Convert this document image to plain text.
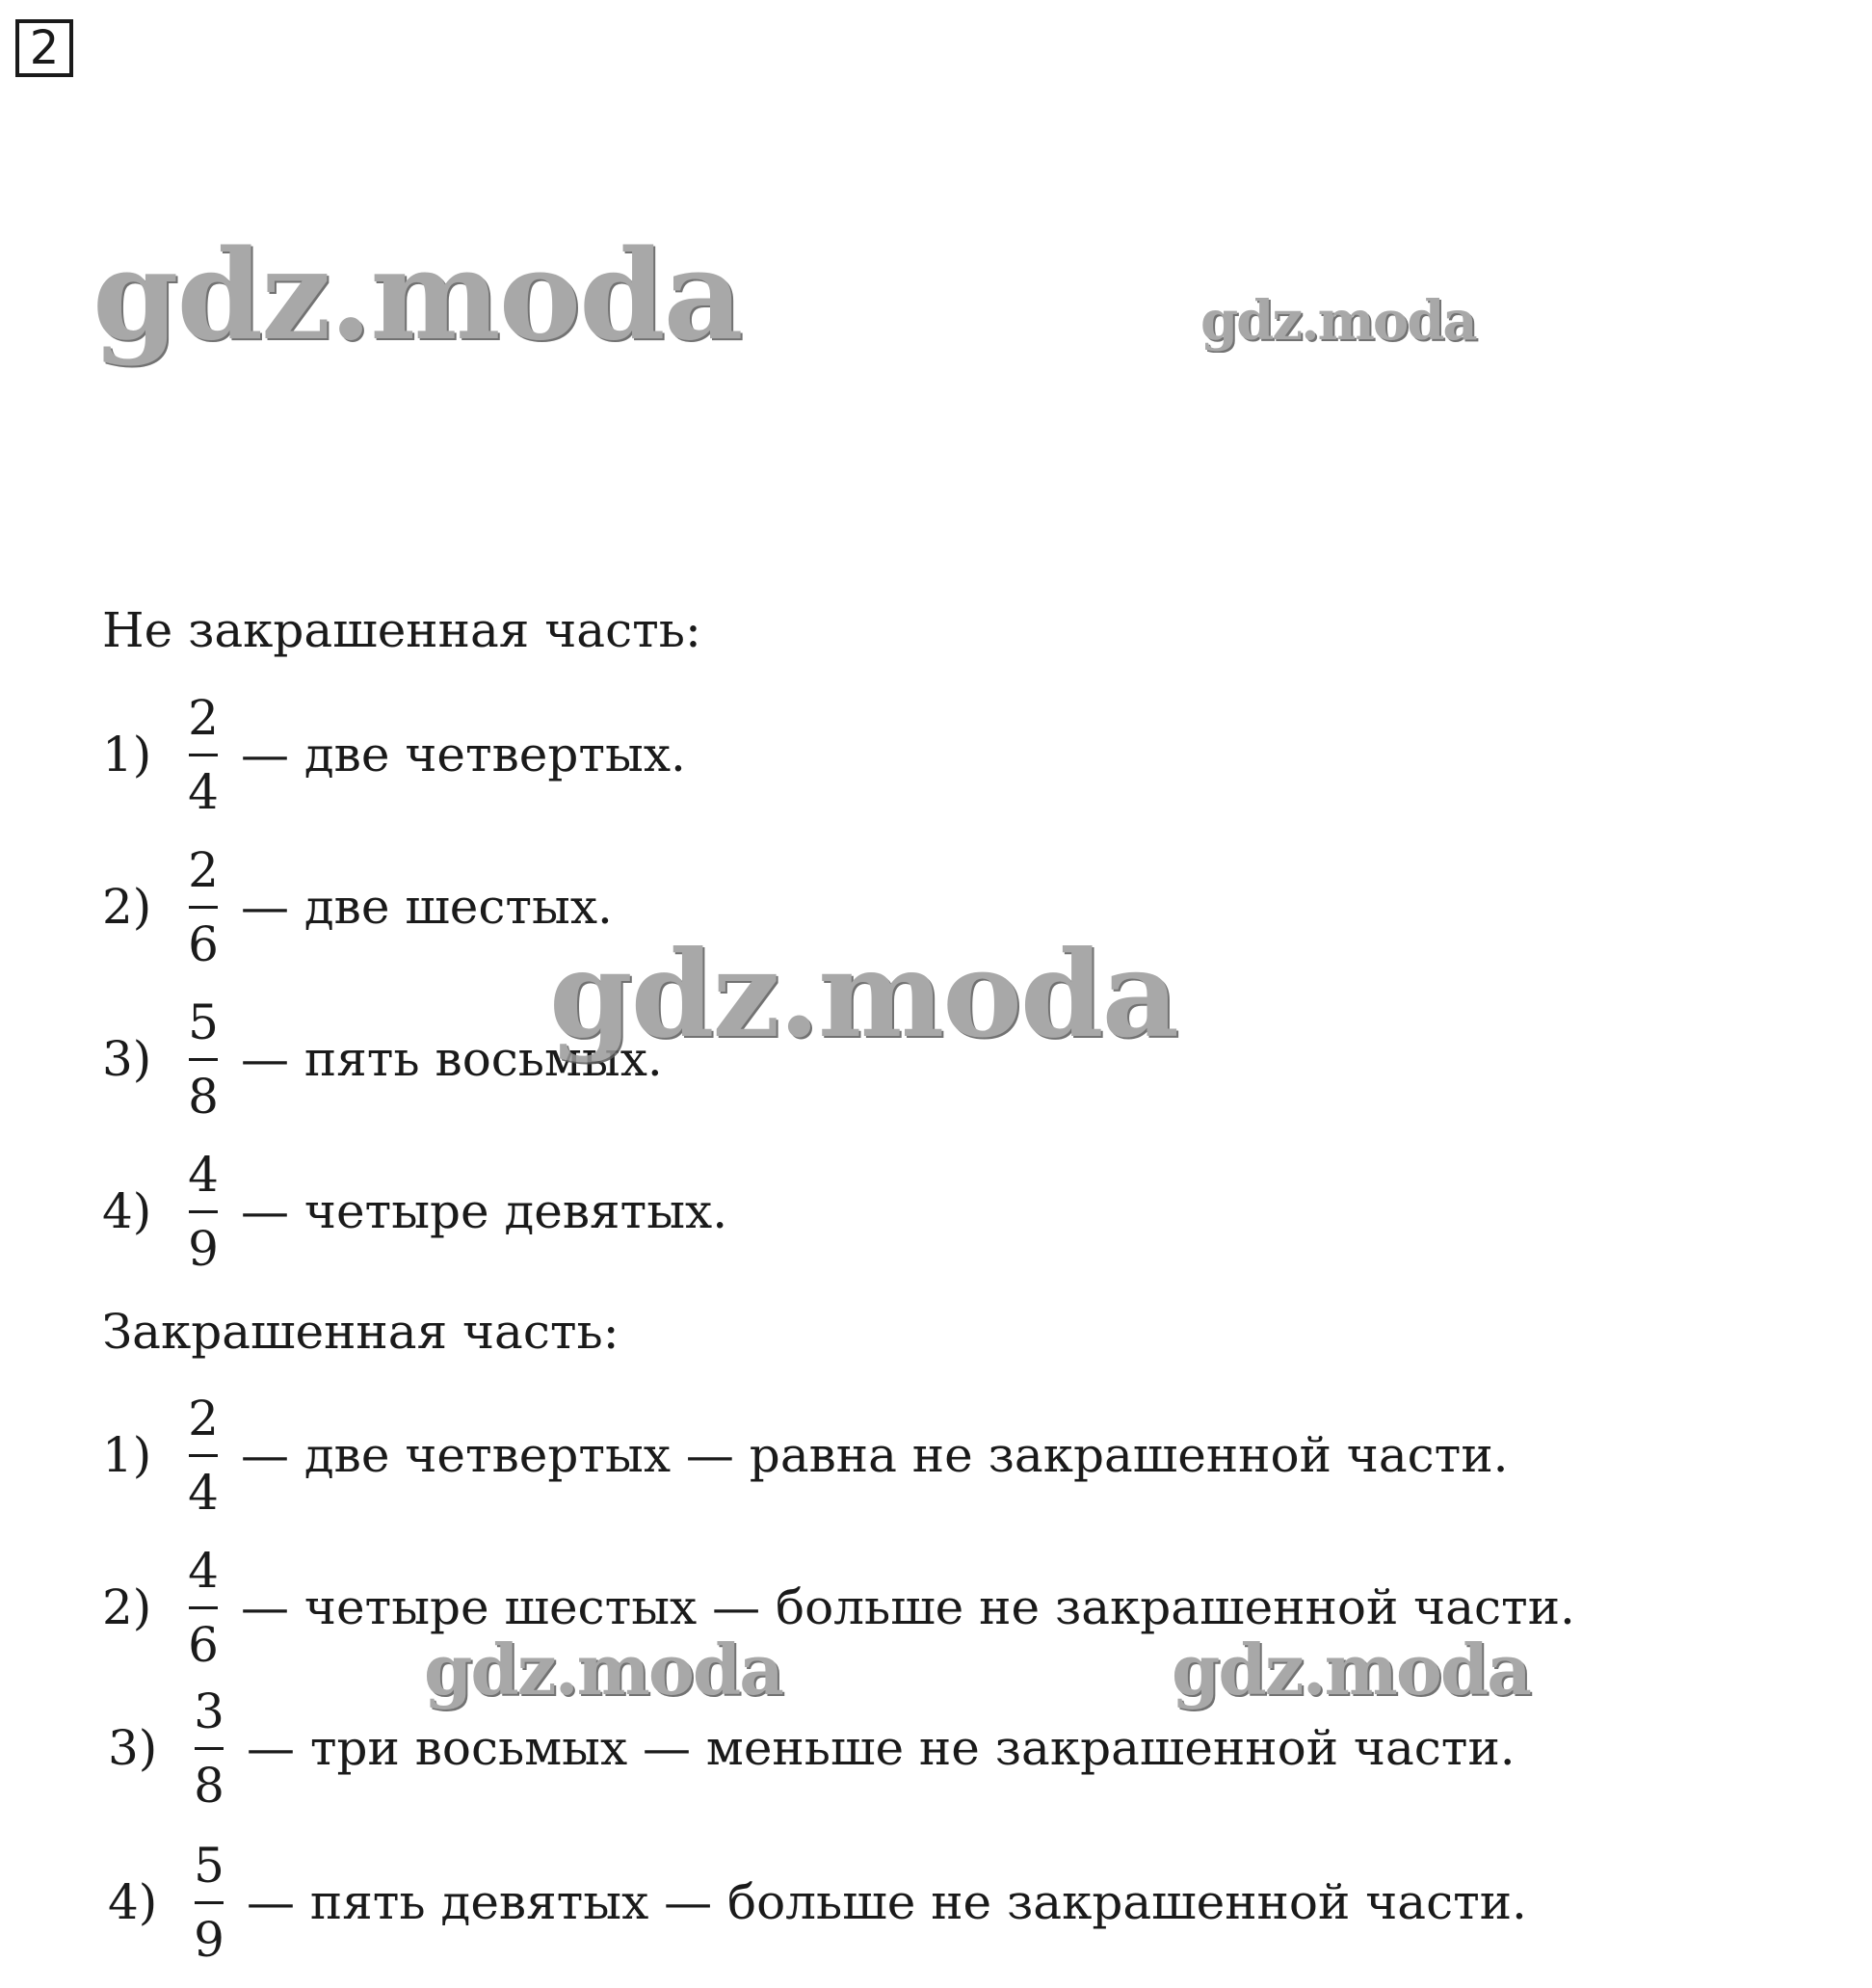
2
Не закрашенная часть:
$1) \frac{2}{4}$ — две четвертых.
$2) \frac{2}{6}$ — две шестых.
$3) \frac{5}{8}$ — пять восьмых.
$4) \frac{4}{9}$ — четыре девятых.
Закрашенная часть:
$1) \frac{2}{4}$ — две четвертых — равна не закрашенной части.
$2) \frac{4}{6}$ — четыре шестых — больше не закрашенной части.
$3) \frac{3}{8}$ — три восьмых — меньше не закрашенной части.
$4) \frac{5}{9}$ — пять девятых — больше не закрашенной части.
gdz.moda	gdz.moda
gdz.moda
gdz.moda	gdz.moda
